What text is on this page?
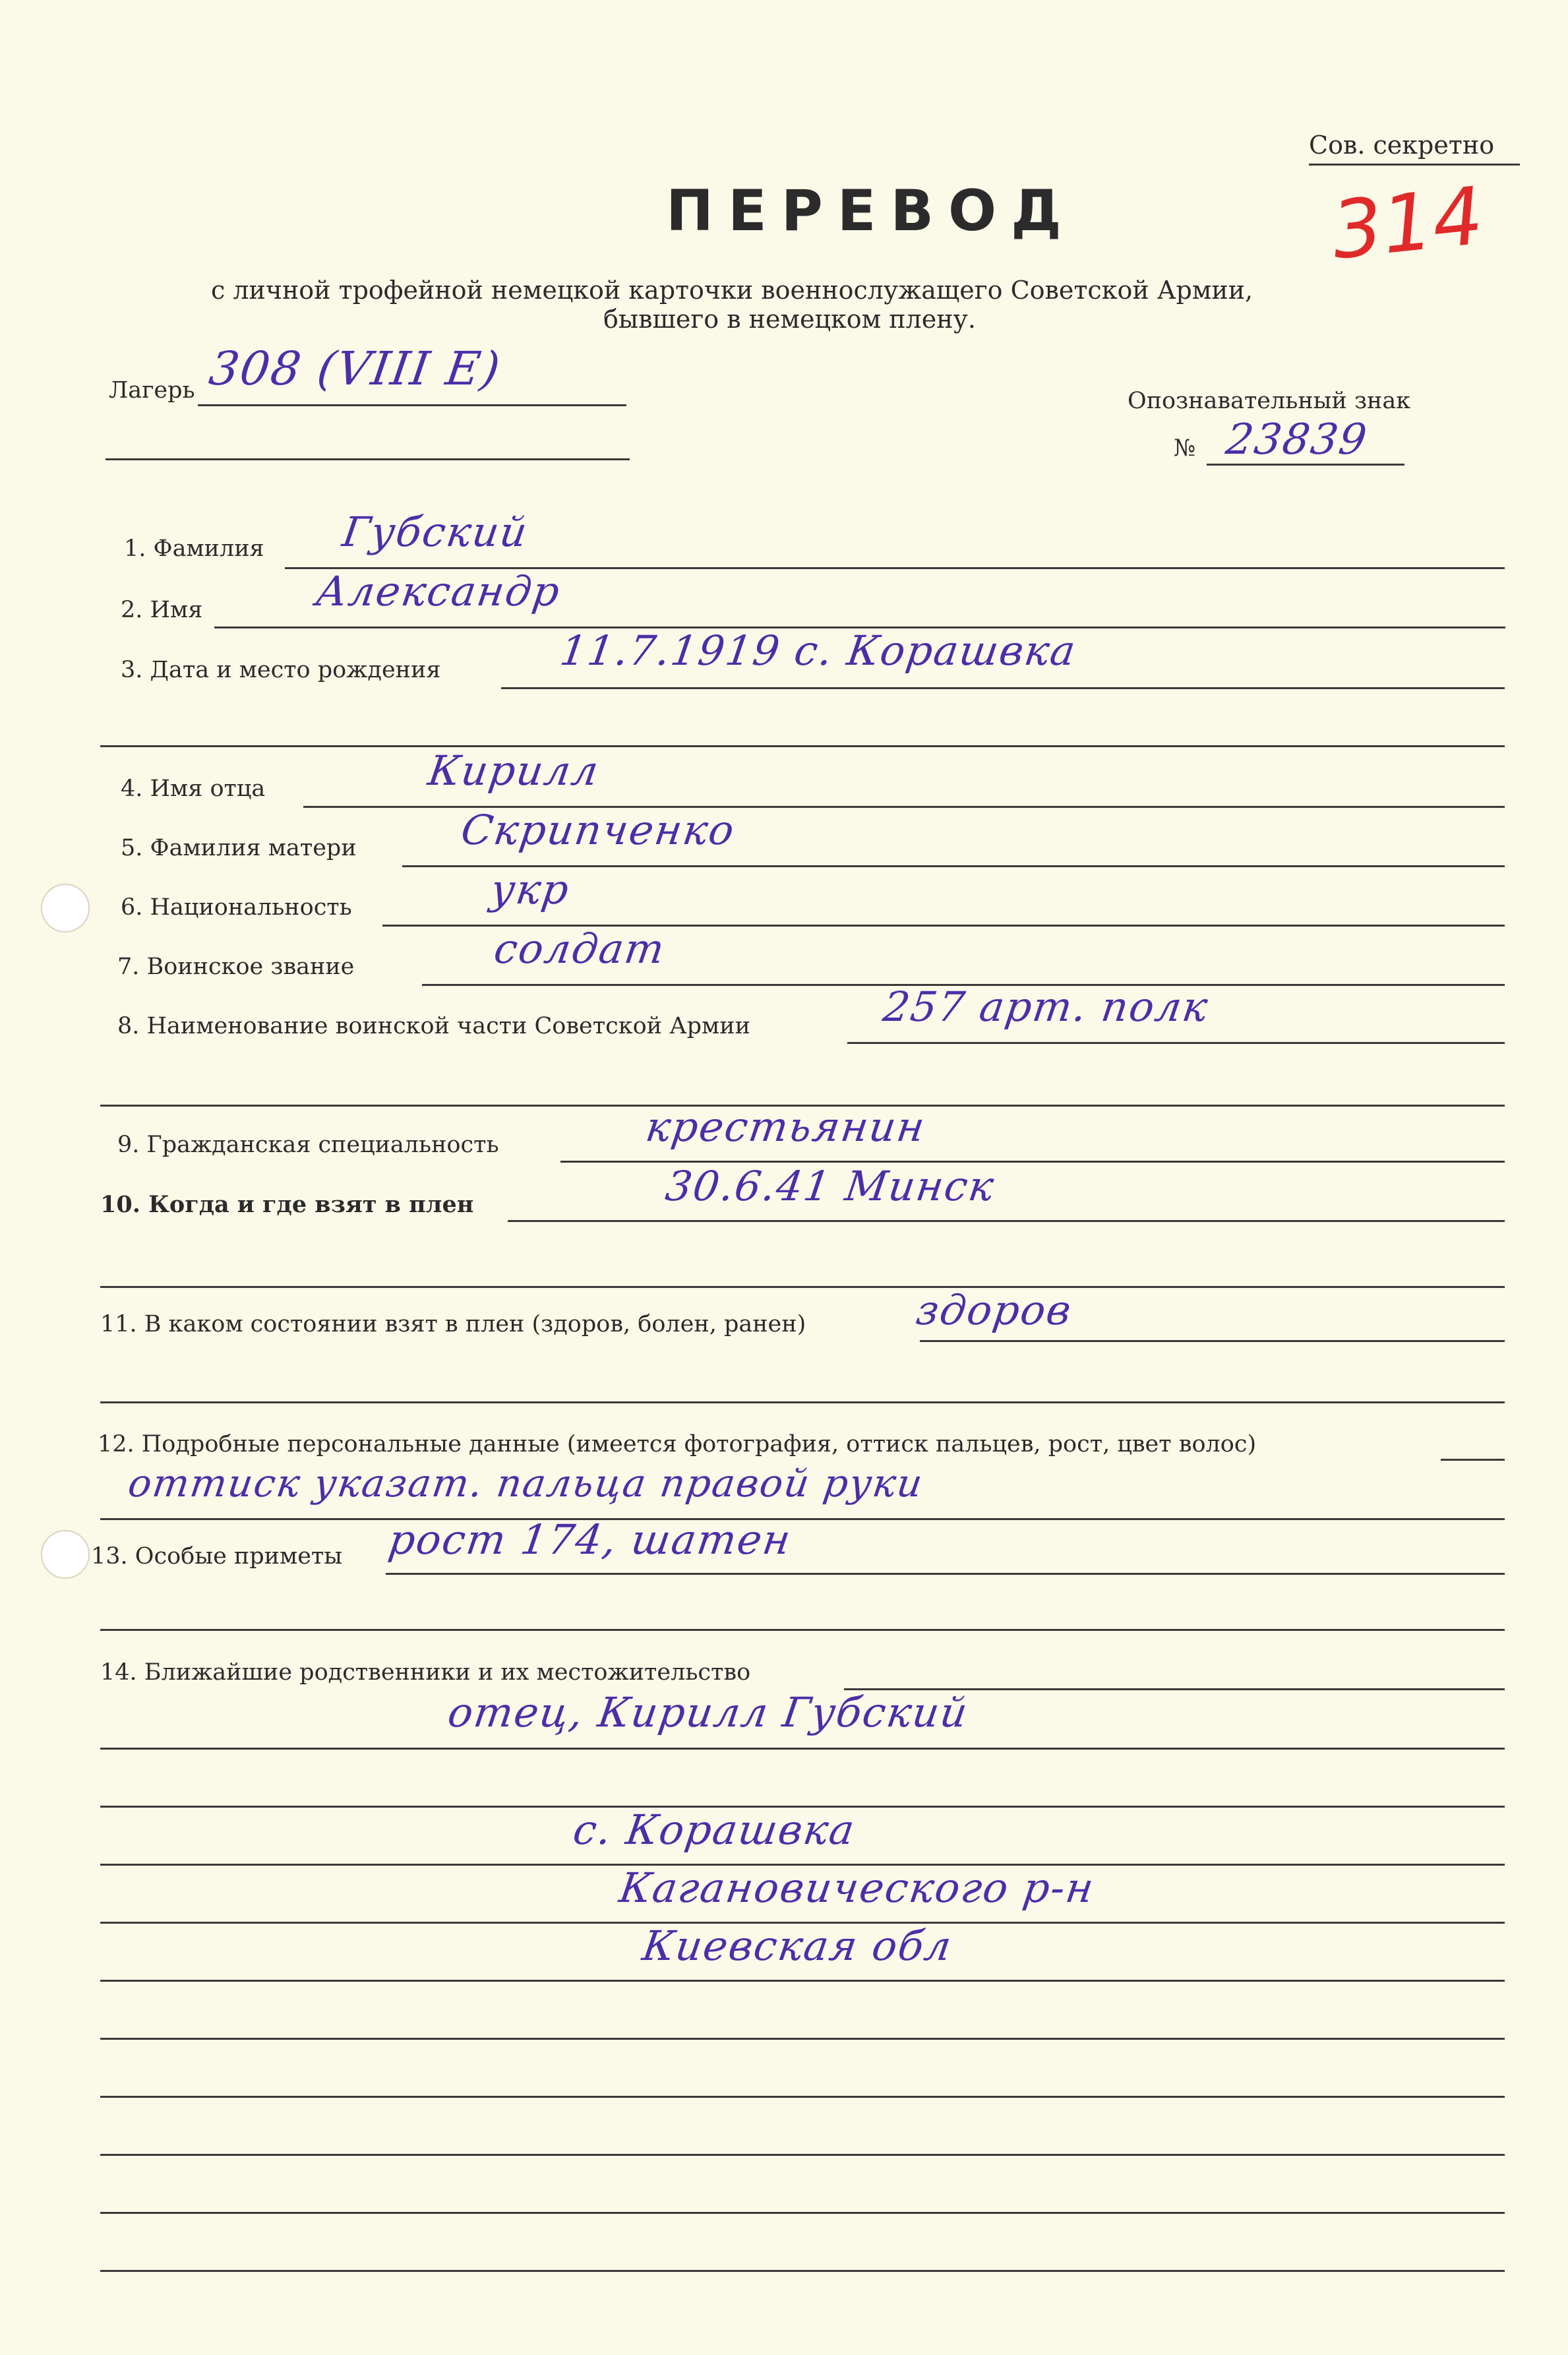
Сов. секретно
314
ПЕРЕВОД
с личной трофейной немецкой карточки военнослужащего Советской Армии,
бывшего в немецком плену.
Лагерь 308 (VIII E)
Опознавательный знак
№ 23839
1. Фамилия Губский
2. Имя	Александр
3. Дата и место рождения	11.7.1919 с. Корашвка
4. Имя отца	Кирилл
5. Фамилия матери Скрипченко
6. Национальность	укр
7. Воинское звание	солдат
8. Наименование воинской части Советской Армии	257 арт. полк
9. Гражданская специальность	крестьянин
10. Когда и где взят в плен	30.6.41 Минск
11. В каком состоянии взят в плен (здоров, болен, ранен)	здоров
12. Подробные персональные данные (имеется фотография, оттиск пальцев, рост, цвет волос)
оттиск указат. пальца правой руки
13. Особые приметы рост 174, шатен
14. Ближайшие родственники и их местожительство
отец, Кирилл Губский
с. Корашвка
Кагановического р-н
Киевская обл
